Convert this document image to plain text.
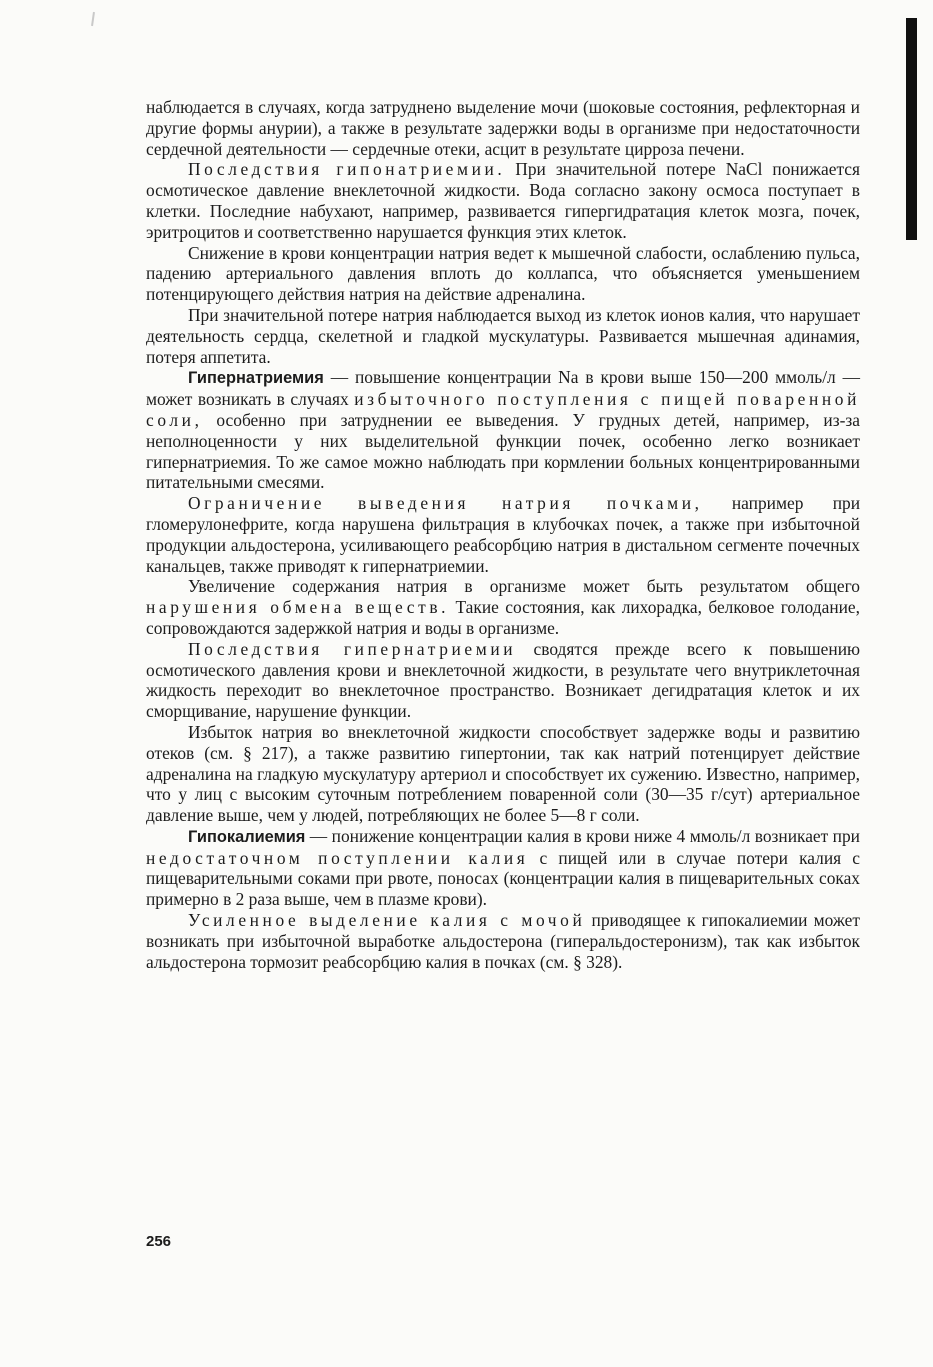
наблюдается в случаях, когда затруднено выделение мочи (шоковые состояния, рефлекторная и другие формы анурии), а также в результате задержки воды в организме при недостаточности сердечной деятельности — сердечные отеки, асцит в результате цирроза печени.

Последствия гипонатриемии. При значительной потере NaCl понижается осмотическое давление внеклеточной жидкости. Вода согласно закону осмоса поступает в клетки. Последние набухают, например, развивается гипергидратация клеток мозга, почек, эритроцитов и соответственно нарушается функция этих клеток.

Снижение в крови концентрации натрия ведет к мышечной слабости, ослаблению пульса, падению артериального давления вплоть до коллапса, что объясняется уменьшением потенцирующего действия натрия на действие адреналина.

При значительной потере натрия наблюдается выход из клеток ионов калия, что нарушает деятельность сердца, скелетной и гладкой мускулатуры. Развивается мышечная адинамия, потеря аппетита.

Гипернатриемия — повышение концентрации Na в крови выше 150—200 ммоль/л — может возникать в случаях избыточного поступления с пищей поваренной соли, особенно при затруднении ее выведения. У грудных детей, например, из-за неполноценности у них выделительной функции почек, особенно легко возникает гипернатриемия. То же самое можно наблюдать при кормлении больных концентрированными питательными смесями.

Ограничение выведения натрия почками, например при гломерулонефрите, когда нарушена фильтрация в клубочках почек, а также при избыточной продукции альдостерона, усиливающего реабсорбцию натрия в дистальном сегменте почечных канальцев, также приводят к гипернатриемии.

Увеличение содержания натрия в организме может быть результатом общего нарушения обмена веществ. Такие состояния, как лихорадка, белковое голодание, сопровождаются задержкой натрия и воды в организме.

Последствия гипернатриемии сводятся прежде всего к повышению осмотического давления крови и внеклеточной жидкости, в результате чего внутриклеточная жидкость переходит во внеклеточное пространство. Возникает дегидратация клеток и их сморщивание, нарушение функции.

Избыток натрия во внеклеточной жидкости способствует задержке воды и развитию отеков (см. § 217), а также развитию гипертонии, так как натрий потенцирует действие адреналина на гладкую мускулатуру артериол и способствует их сужению. Известно, например, что у лиц с высоким суточным потреблением поваренной соли (30—35 г/сут) артериальное давление выше, чем у людей, потребляющих не более 5—8 г соли.

Гипокалиемия — понижение концентрации калия в крови ниже 4 ммоль/л возникает при недостаточном поступлении калия с пищей или в случае потери калия с пищеварительными соками при рвоте, поносах (концентрации калия в пищеварительных соках примерно в 2 раза выше, чем в плазме крови).

Усиленное выделение калия с мочой приводящее к гипокалиемии может возникать при избыточной выработке альдостерона (гиперальдостеронизм), так как избыток альдостерона тормозит реабсорбцию калия в почках (см. § 328).

256
